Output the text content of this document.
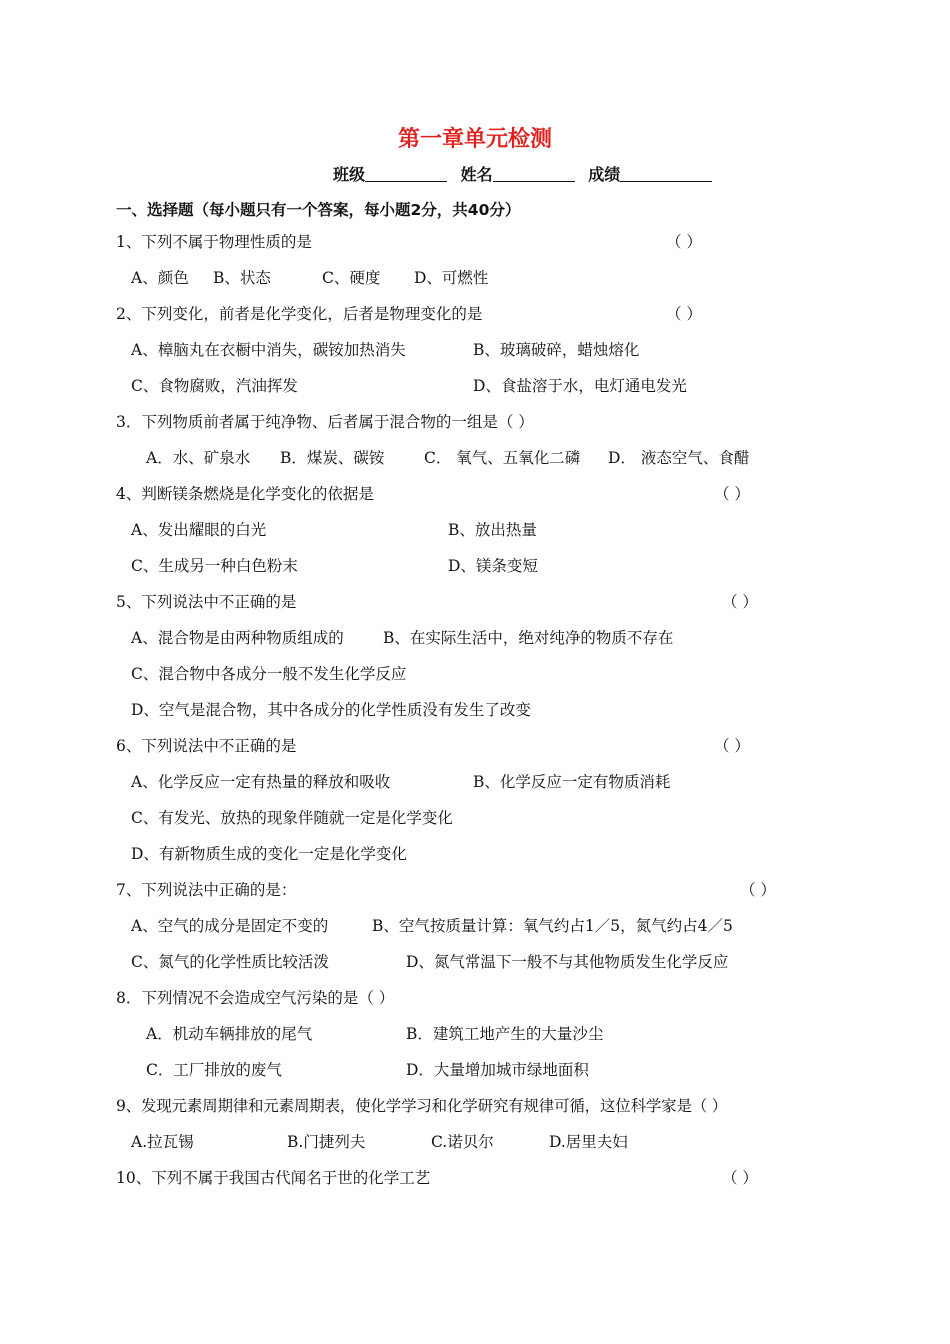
第一章单元检测
班级	姓名	成绩
一、选择题（每小题只有一个答案，每小题2分，共40分）
1、下列不属于物理性质的是	（ ）
A、颜色 B、状态	C、硬度 D、可燃性
2、下列变化，前者是化学变化，后者是物理变化的是	（ ）
A、樟脑丸在衣橱中消失，碳铵加热消失	B、玻璃破碎，蜡烛熔化
C、食物腐败，汽油挥发	D、食盐溶于水，电灯通电发光
3．下列物质前者属于纯净物、后者属于混合物的一组是（ ）
A．水、矿泉水 B．煤炭、碳铵	C． 氧气、五氧化二磷 D． 液态空气、食醋
4、判断镁条燃烧是化学变化的依据是	（ ）
A、发出耀眼的白光	B、放出热量
C、生成另一种白色粉末	D、镁条变短
5、下列说法中不正确的是	（ ）
A、混合物是由两种物质组成的	B、在实际生活中，绝对纯净的物质不存在
C、混合物中各成分一般不发生化学反应
D、空气是混合物，其中各成分的化学性质没有发生了改变
6、下列说法中不正确的是	（ ）
A、化学反应一定有热量的释放和吸收	B、化学反应一定有物质消耗
C、有发光、放热的现象伴随就一定是化学变化
D、有新物质生成的变化一定是化学变化
7、下列说法中正确的是：	（ ）
A、空气的成分是固定不变的	B、空气按质量计算：氧气约占1／5，氮气约占4／5
C、氮气的化学性质比较活泼	D、氮气常温下一般不与其他物质发生化学反应
8．下列情况不会造成空气污染的是（ ）
A．机动车辆排放的尾气	B．建筑工地产生的大量沙尘
C．工厂排放的废气	D．大量增加城市绿地面积
9、发现元素周期律和元素周期表，使化学学习和化学研究有规律可循，这位科学家是（ ）
A.拉瓦锡	B.门捷列夫	C.诺贝尔	D.居里夫妇
10、下列不属于我国古代闻名于世的化学工艺	（ ）
